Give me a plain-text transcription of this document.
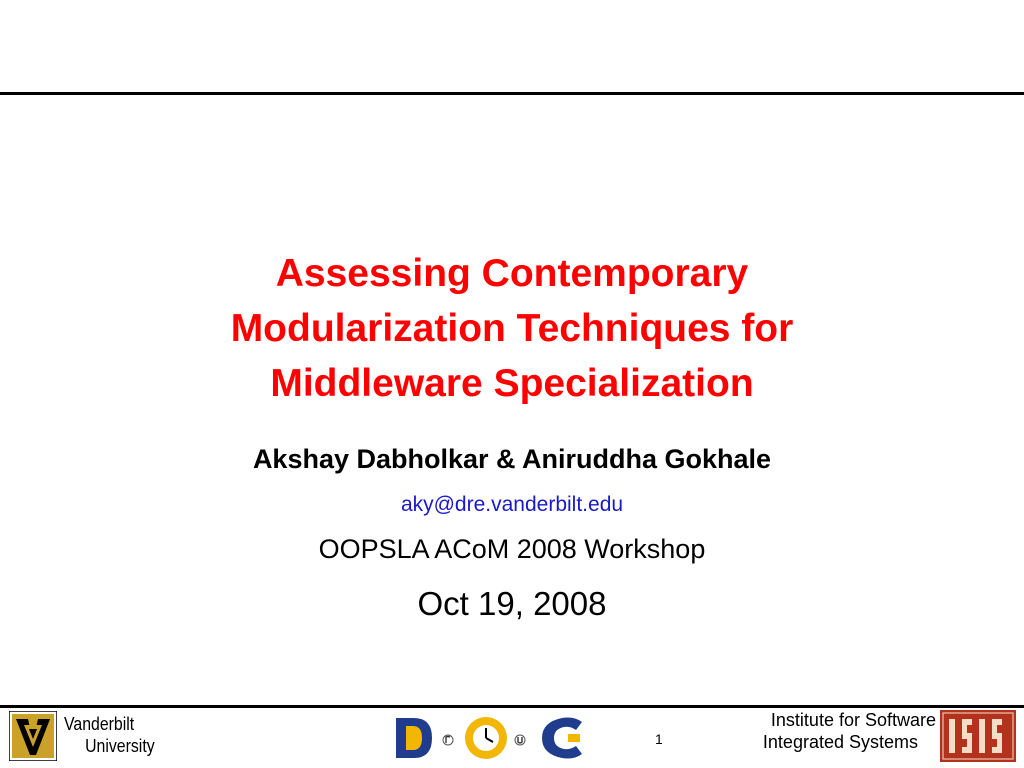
Assessing Contemporary
Modularization Techniques for
Middleware Specialization
Akshay Dabholkar & Aniruddha Gokhale
aky@dre.vanderbilt.edu
OOPSLA ACoM 2008 Workshop
Oct 19, 2008
Vanderbilt
University	1
Institute for Software
Integrated Systems
